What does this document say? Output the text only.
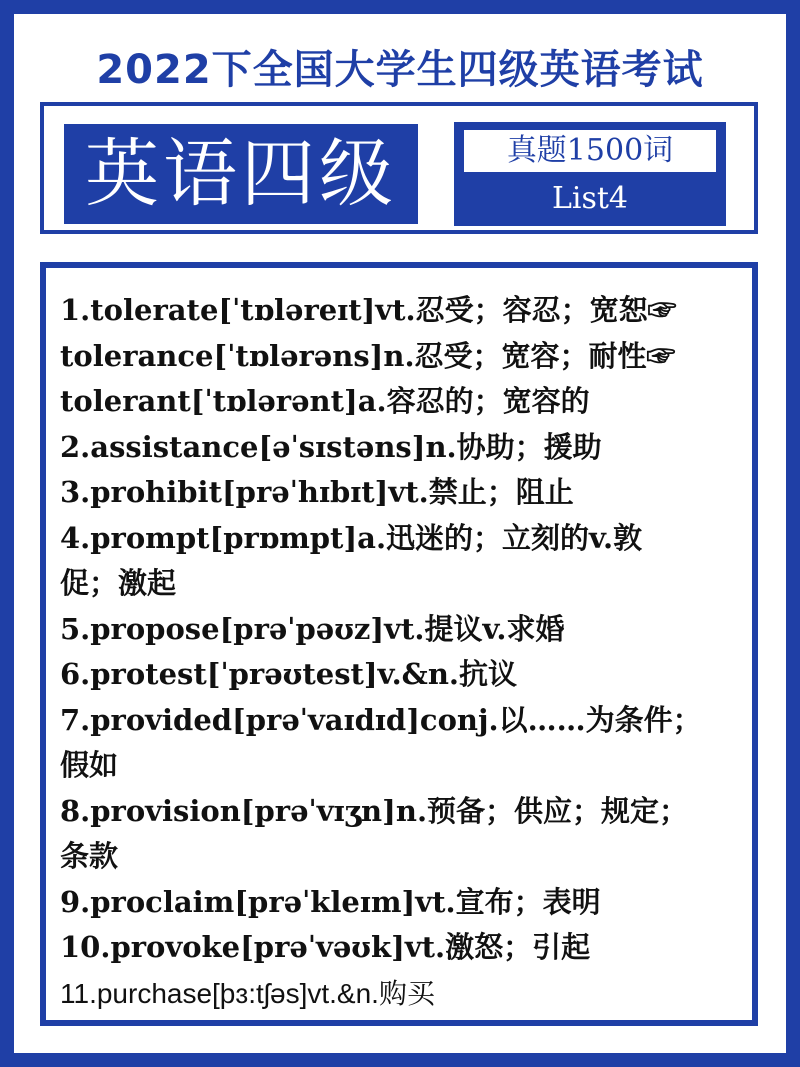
2022下全国大学生四级英语考试
英语四级	真题1500词
List4
1.tolerate[ˈtɒləreɪt]vt.忍受；容忍；宽恕☞
tolerance[ˈtɒlərəns]n.忍受；宽容；耐性☞
tolerant[ˈtɒlərənt]a.容忍的；宽容的
2.assistance[əˈsɪstəns]n.协助；援助
3.prohibit[prəˈhɪbɪt]vt.禁止；阻止
4.prompt[prɒmpt]a.迅迷的；立刻的v.敦
促；激起
5.propose[prəˈpəʊz]vt.提议v.求婚
6.protest[ˈprəʊtest]v.&n.抗议
7.provided[prəˈvaɪdɪd]conj.以……为条件；
假如
8.provision[prəˈvɪʒn]n.预备；供应；规定；
条款
9.proclaim[prəˈkleɪm]vt.宣布；表明
10.provoke[prəˈvəʊk]vt.激怒；引起
11.purchase[þɜ:tʃəs]vt.&n.购买
